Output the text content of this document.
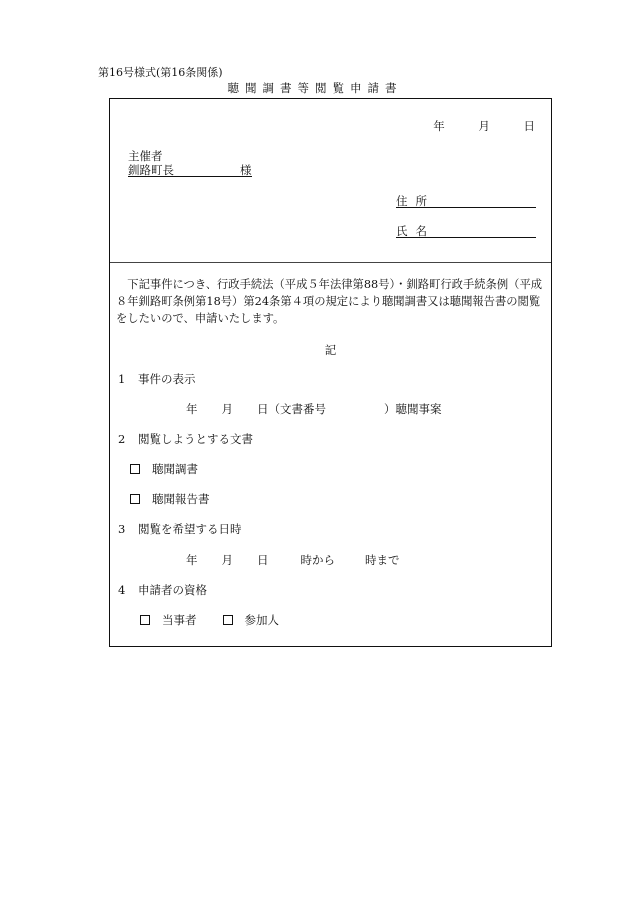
第16号様式(第16条関係)
聴聞調書等閲覧申請書
年	月	日
主催者
釧路町長	様
住所
氏名
下記事件につき、行政手続法（平成５年法律第88号）・釧路町行政手続条例（平成８年釧路町条例第18号）第24条第４項の規定により聴聞調書又は聴聞報告書の閲覧をしたいので、申請いたします。
記
1 事件の表示
年 月 日（文書番号	）聴聞事案
2 閲覧しようとする文書
聴聞調書
聴聞報告書
3 閲覧を希望する日時
年 月 日	時から	時まで
4 申請者の資格
当事者	参加人
